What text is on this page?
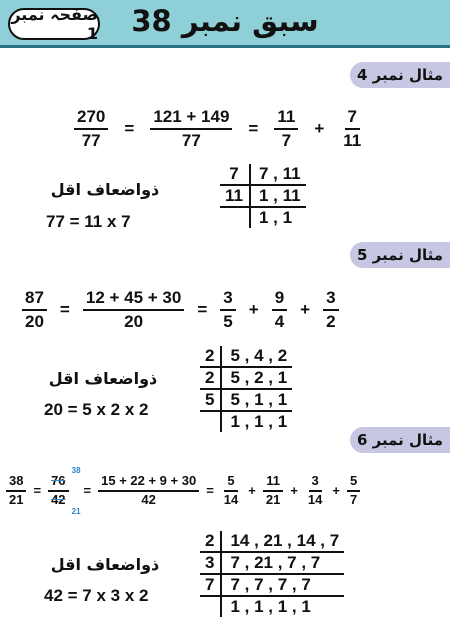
سبق نمبر 38
صفحہ نمبر 1
مثال نمبر 4
$\frac{270}{77} = \frac{121 + 149}{77} = \frac{11}{7} + \frac{7}{11}$
ذواضعاف اقل
77 = 11 x 7
7	7 , 11
11	1 , 11
	1 , 1
مثال نمبر 5
$\frac{87}{20} = \frac{12 + 45 + 30}{20} = \frac{3}{5} + \frac{9}{4} + \frac{3}{2}$
ذواضعاف اقل
20 = 5 x 2 x 2
2	5 , 4 , 2
2	5 , 2 , 1
5	5 , 1 , 1
	1 , 1 , 1
مثال نمبر 6
$\frac{38}{21} = \frac{76}{42}$
38
21
= $\frac{15 + 22 + 9 + 30}{42} = \frac{5}{14} + \frac{11}{21} + \frac{3}{14} + \frac{5}{7}$
ذواضعاف اقل
42 = 7 x 3 x 2
2	14 , 21 , 14 , 7
3	7 , 21 , 7 , 7
7	7 , 7 , 7 , 7
	1 , 1 , 1 , 1
